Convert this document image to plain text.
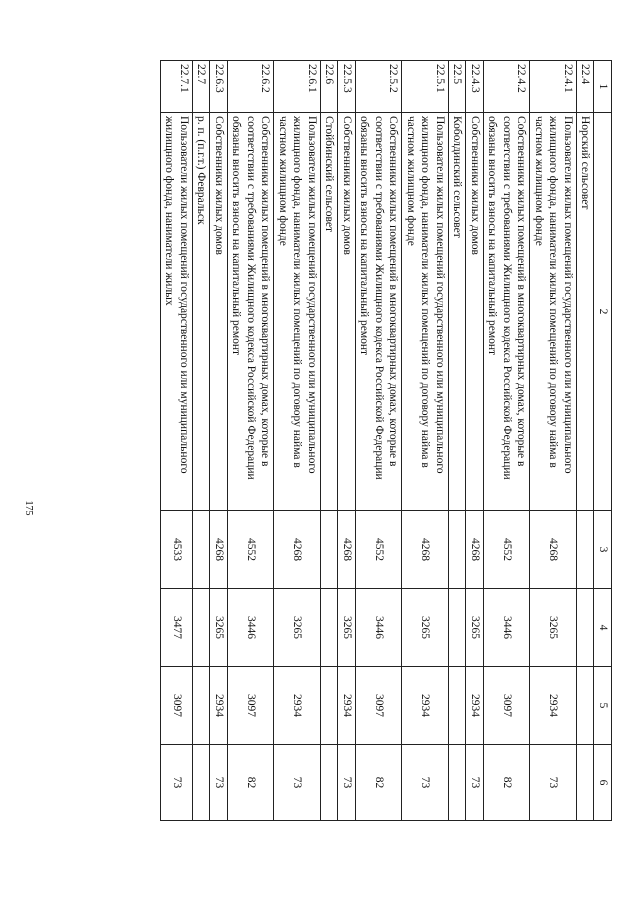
175
1	2	3	4	5	6
22.4	Норский сельсовет				
22.4.1	Пользователи жилых помещений государственного или муниципального жилищного фонда, наниматели жилых помещений по договору найма в частном жилищном фонде	4268	3265	2934	73
22.4.2	Собственники жилых помещений в многоквартирных домах, которые в соответствии с требованиями Жилищного кодекса Российской Федерации обязаны вносить взносы на капитальный ремонт	4552	3446	3097	82
22.4.3	Собственники жилых домов	4268	3265	2934	73
22.5	Коболдинский сельсовет				
22.5.1	Пользователи жилых помещений государственного или муниципального жилищного фонда, наниматели жилых помещений по договору найма в частном жилищном фонде	4268	3265	2934	73
22.5.2	Собственники жилых помещений в многоквартирных домах, которые в соответствии с требованиями Жилищного кодекса Российской Федерации обязаны вносить взносы на капитальный ремонт	4552	3446	3097	82
22.5.3	Собственники жилых домов	4268	3265	2934	73
22.6	Стойбинский сельсовет				
22.6.1	Пользователи жилых помещений государственного или муниципального жилищного фонда, наниматели жилых помещений по договору найма в частном жилищном фонде	4268	3265	2934	73
22.6.2	Собственники жилых помещений в многоквартирных домах, которые в соответствии с требованиями Жилищного кодекса Российской Федерации обязаны вносить взносы на капитальный ремонт	4552	3446	3097	82
22.6.3	Собственники жилых домов	4268	3265	2934	73
22.7	р. п. (п.г.т.) Февральск				
22.7.1	Пользователи жилых помещений государственного или муниципального жилищного фонда, наниматели жилых	4533	3477	3097	73
